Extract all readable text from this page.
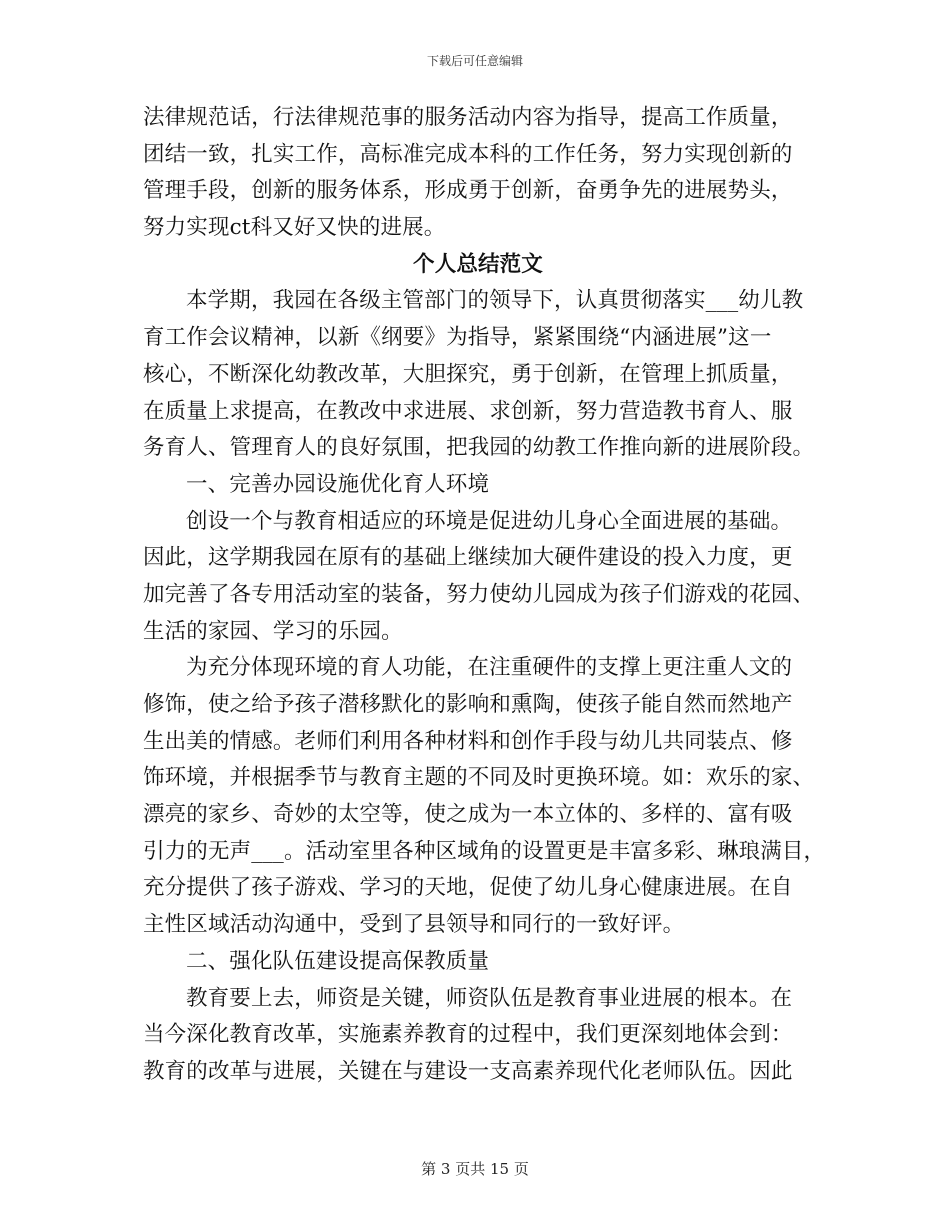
下载后可任意编辑
法律规范话，行法律规范事的服务活动内容为指导，提高工作质量，
团结一致，扎实工作，高标准完成本科的工作任务，努力实现创新的
管理手段，创新的服务体系，形成勇于创新，奋勇争先的进展势头，
努力实现ct科又好又快的进展。
个人总结范文
本学期，我园在各级主管部门的领导下，认真贯彻落实___幼儿教
育工作会议精神，以新《纲要》为指导，紧紧围绕“内涵进展”这一
核心，不断深化幼教改革，大胆探究，勇于创新，在管理上抓质量，
在质量上求提高，在教改中求进展、求创新，努力营造教书育人、服
务育人、管理育人的良好氛围，把我园的幼教工作推向新的进展阶段。
一、完善办园设施优化育人环境
创设一个与教育相适应的环境是促进幼儿身心全面进展的基础。
因此，这学期我园在原有的基础上继续加大硬件建设的投入力度，更
加完善了各专用活动室的装备，努力使幼儿园成为孩子们游戏的花园、
生活的家园、学习的乐园。
为充分体现环境的育人功能，在注重硬件的支撑上更注重人文的
修饰，使之给予孩子潜移默化的影响和熏陶，使孩子能自然而然地产
生出美的情感。老师们利用各种材料和创作手段与幼儿共同装点、修
饰环境，并根据季节与教育主题的不同及时更换环境。如：欢乐的家、
漂亮的家乡、奇妙的太空等，使之成为一本立体的、多样的、富有吸
引力的无声___。活动室里各种区域角的设置更是丰富多彩、琳琅满目，
充分提供了孩子游戏、学习的天地，促使了幼儿身心健康进展。在自
主性区域活动沟通中，受到了县领导和同行的一致好评。
二、强化队伍建设提高保教质量
教育要上去，师资是关键，师资队伍是教育事业进展的根本。在
当今深化教育改革，实施素养教育的过程中，我们更深刻地体会到：
教育的改革与进展，关键在与建设一支高素养现代化老师队伍。因此
第 3 页共 15 页
